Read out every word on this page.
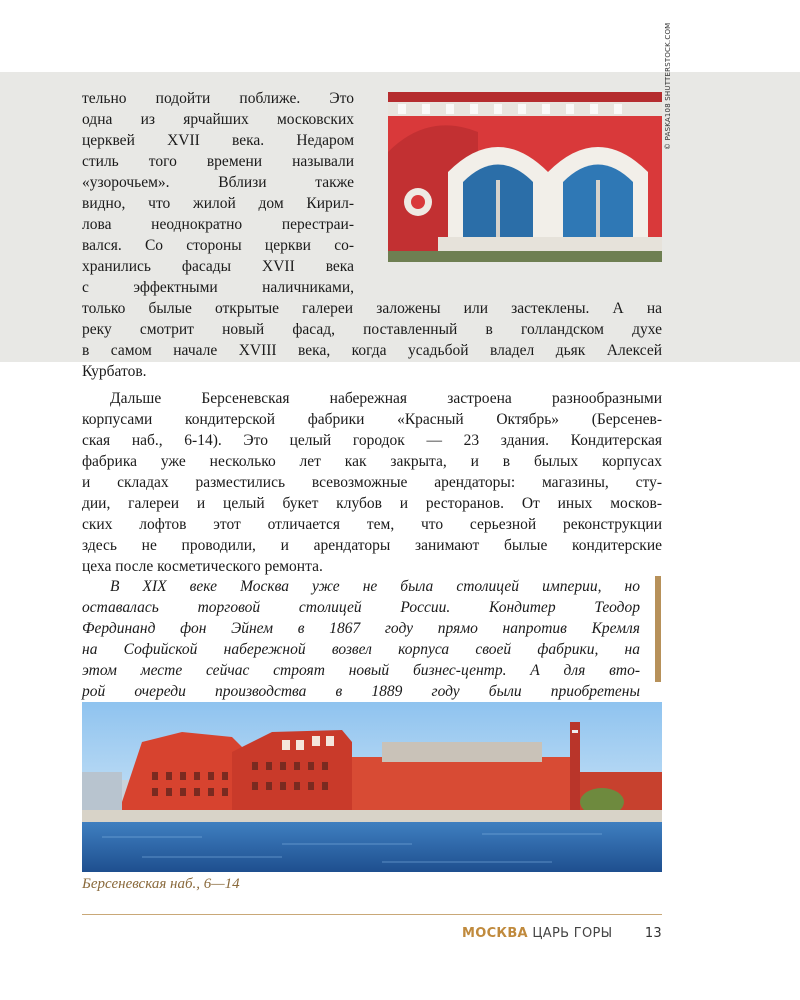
тельно подойти поближе. Это
одна из ярчайших московских
церквей XVII века. Недаром
стиль того времени называли
«узорочьем». Вблизи также
видно, что жилой дом Кирил-
лова неоднократно перестраи-
вался. Со стороны церкви со-
хранились фасады XVII века
с эффектными наличниками,
только былые открытые галереи заложены или застеклены. А на
реку смотрит новый фасад, поставленный в голландском духе
в самом начале XVIII века, когда усадьбой владел дьяк Алексей
Курбатов.
© PASKA108 SHUTTERSTOCK.COM
Дальше Берсеневская набережная застроена разнообразными
корпусами кондитерской фабрики «Красный Октябрь» (Берсенев-
ская наб., 6-14). Это целый городок — 23 здания. Кондитерская
фабрика уже несколько лет как закрыта, и в былых корпусах
и складах разместились всевозможные арендаторы: магазины, сту-
дии, галереи и целый букет клубов и ресторанов. От иных москов-
ских лофтов этот отличается тем, что серьезной реконструкции
здесь не проводили, и арендаторы занимают былые кондитерские
цеха после косметического ремонта.
В XIX веке Москва уже не была столицей империи, но
оставалась торговой столицей России. Кондитер Теодор
Фердинанд фон Эйнем в 1867 году прямо напротив Кремля
на Софийской набережной возвел корпуса своей фабрики, на
этом месте сейчас строят новый бизнес-центр. А для вто-
рой очереди производства в 1889 году были приобретены
Берсеневская наб., 6—14
МОСКВА ЦАРЬ ГОРЫ 13
